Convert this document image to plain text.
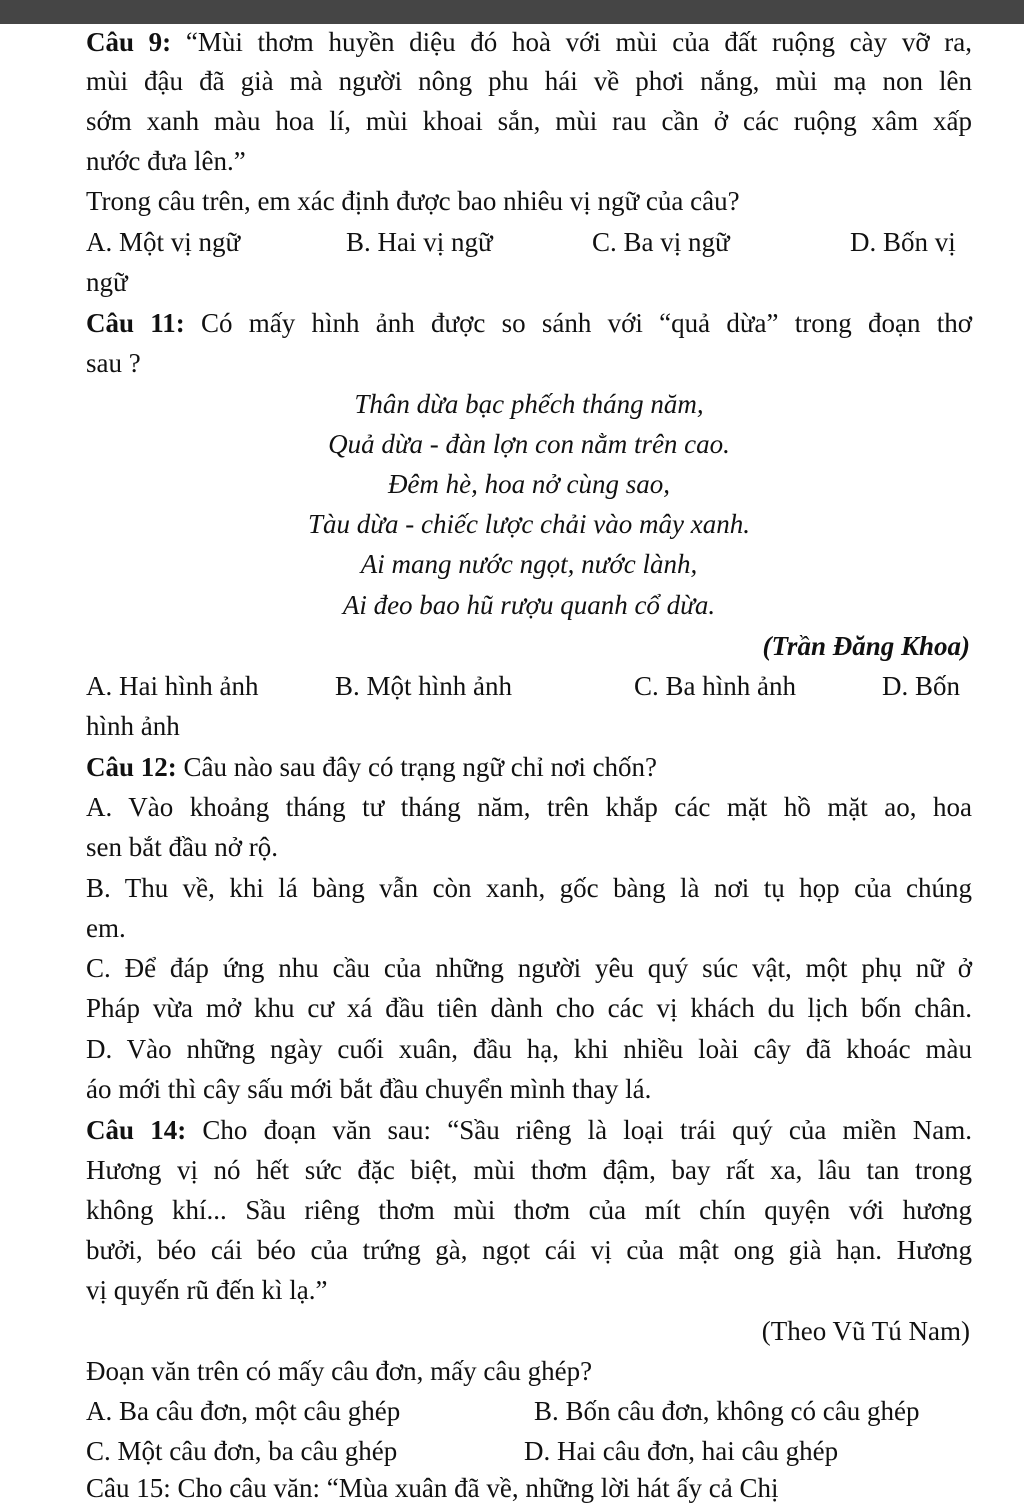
Câu 9: “Mùi thơm huyền diệu đó hoà với mùi của đất ruộng cày vỡ ra,
mùi đậu đã già mà người nông phu hái về phơi nắng, mùi mạ non lên
sớm xanh màu hoa lí, mùi khoai sắn, mùi rau cần ở các ruộng xâm xấp
nước đưa lên.”
Trong câu trên, em xác định được bao nhiêu vị ngữ của câu?
A. Một vị ngữ	B. Hai vị ngữ	C. Ba vị ngữ	D. Bốn vị
ngữ
Câu 11: Có mấy hình ảnh được so sánh với “quả dừa” trong đoạn thơ
sau ?
Thân dừa bạc phếch tháng năm,
Quả dừa - đàn lợn con nằm trên cao.
Đêm hè, hoa nở cùng sao,
Tàu dừa - chiếc lược chải vào mây xanh.
Ai mang nước ngọt, nước lành,
Ai đeo bao hũ rượu quanh cổ dừa.
(Trần Đăng Khoa)
A. Hai hình ảnh	B. Một hình ảnh	C. Ba hình ảnh	D. Bốn
hình ảnh
Câu 12: Câu nào sau đây có trạng ngữ chỉ nơi chốn?
A. Vào khoảng tháng tư tháng năm, trên khắp các mặt hồ mặt ao, hoa
sen bắt đầu nở rộ.
B. Thu về, khi lá bàng vẫn còn xanh, gốc bàng là nơi tụ họp của chúng
em.
C. Để đáp ứng nhu cầu của những người yêu quý súc vật, một phụ nữ ở
Pháp vừa mở khu cư xá đầu tiên dành cho các vị khách du lịch bốn chân.
D. Vào những ngày cuối xuân, đầu hạ, khi nhiều loài cây đã khoác màu
áo mới thì cây sấu mới bắt đầu chuyển mình thay lá.
Câu 14: Cho đoạn văn sau: “Sầu riêng là loại trái quý của miền Nam.
Hương vị nó hết sức đặc biệt, mùi thơm đậm, bay rất xa, lâu tan trong
không khí... Sầu riêng thơm mùi thơm của mít chín quyện với hương
bưởi, béo cái béo của trứng gà, ngọt cái vị của mật ong già hạn. Hương
vị quyến rũ đến kì lạ.”
(Theo Vũ Tú Nam)
Đoạn văn trên có mấy câu đơn, mấy câu ghép?
A. Ba câu đơn, một câu ghép	B. Bốn câu đơn, không có câu ghép
C. Một câu đơn, ba câu ghép	D. Hai câu đơn, hai câu ghép
Câu 15: Cho câu văn: “Mùa xuân đã về, những lời hát ấy cả Chị
